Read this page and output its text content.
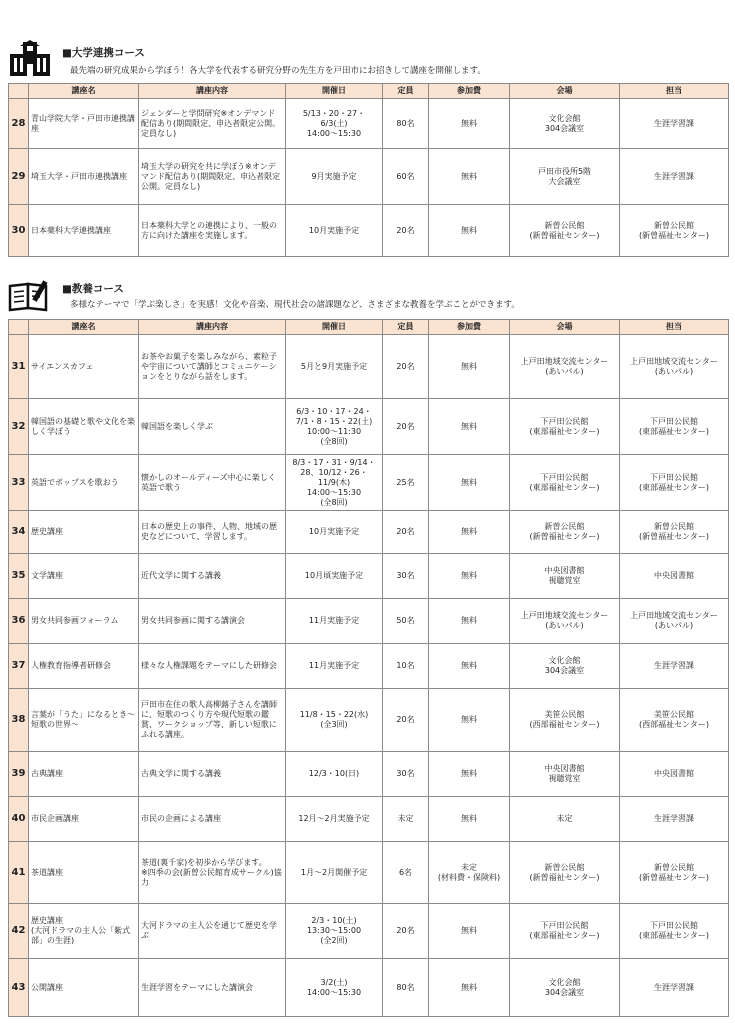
■大学連携コース
最先端の研究成果から学ぼう！各大学を代表する研究分野の先生方を戸田市にお招きして講座を開催します。
	講座名	講座内容	開催日	定員	参加費	会場	担当
28	青山学院大学・戸田市連携講座	ジェンダーと学問研究※オンデマンド配信あり(期間限定、申込者限定公開。定員なし)	5/13・20・27・
6/3(土)
14:00～15:30	80名	無料	文化会館
304会議室	生涯学習課
29	埼玉大学・戸田市連携講座	埼玉大学の研究を共に学ぼう※オンデマンド配信あり(期間限定、申込者限定公開。定員なし)	9月実施予定	60名	無料	戸田市役所5階
大会議室	生涯学習課
30	日本薬科大学連携講座	日本薬科大学との連携により、一般の方に向けた講座を実施します。	10月実施予定	20名	無料	新曽公民館
(新曽福祉センター)	新曽公民館
(新曽福祉センター)
■教養コース
多様なテーマで「学ぶ楽しさ」を実感！文化や音楽、現代社会の諸課題など、さまざまな教養を学ぶことができます。
	講座名	講座内容	開催日	定員	参加費	会場	担当
31	サイエンスカフェ	お茶やお菓子を楽しみながら、素粒子や宇宙について講師とコミュニケーションをとりながら話をします。	5月と9月実施予定	20名	無料	上戸田地域交流センター
(あいパル)	上戸田地域交流センター
(あいパル)
32	韓国語の基礎と歌や文化を楽しく学ぼう	韓国語を楽しく学ぶ	6/3・10・17・24・
7/1・8・15・22(土)
10:00～11:30
(全8回)	20名	無料	下戸田公民館
(東部福祉センター)	下戸田公民館
(東部福祉センター)
33	英語でポップスを歌おう	懐かしのオールディーズ中心に楽しく英語で歌う	8/3・17・31・9/14・
28、10/12・26・
11/9(木)
14:00～15:30
(全8回)	25名	無料	下戸田公民館
(東部福祉センター)	下戸田公民館
(東部福祉センター)
34	歴史講座	日本の歴史上の事件、人物、地域の歴史などについて、学習します。	10月実施予定	20名	無料	新曽公民館
(新曽福祉センター)	新曽公民館
(新曽福祉センター)
35	文学講座	近代文学に関する講義	10月頃実施予定	30名	無料	中央図書館
視聴覚室	中央図書館
36	男女共同参画フォーラム	男女共同参画に関する講演会	11月実施予定	50名	無料	上戸田地域交流センター
(あいパル)	上戸田地域交流センター
(あいパル)
37	人権教育指導者研修会	様々な人権課題をテーマにした研修会	11月実施予定	10名	無料	文化会館
304会議室	生涯学習課
38	言葉が「うた」になるとき～短歌の世界～	戸田市在住の歌人高柳蕗子さんを講師に、短歌のつくり方や現代短歌の鑑賞、ワークショップ等、新しい短歌にふれる講座。	11/8・15・22(水)
(全3回)	20名	無料	美笹公民館
(西部福祉センター)	美笹公民館
(西部福祉センター)
39	古典講座	古典文学に関する講義	12/3・10(日)	30名	無料	中央図書館
視聴覚室	中央図書館
40	市民企画講座	市民の企画による講座	12月～2月実施予定	未定	無料	未定	生涯学習課
41	茶道講座	茶道(裏千家)を初歩から学びます。
※四季の会(新曽公民館育成サークル)協力	1月～2月開催予定	6名	未定
(材料費・保険料)	新曽公民館
(新曽福祉センター)	新曽公民館
(新曽福祉センター)
42	歴史講座
(大河ドラマの主人公「紫式部」の生涯)	大河ドラマの主人公を通じて歴史を学ぶ	2/3・10(土)
13:30～15:00
(全2回)	20名	無料	下戸田公民館
(東部福祉センター)	下戸田公民館
(東部福祉センター)
43	公開講座	生涯学習をテーマにした講演会	3/2(土)
14:00～15:30	80名	無料	文化会館
304会議室	生涯学習課
